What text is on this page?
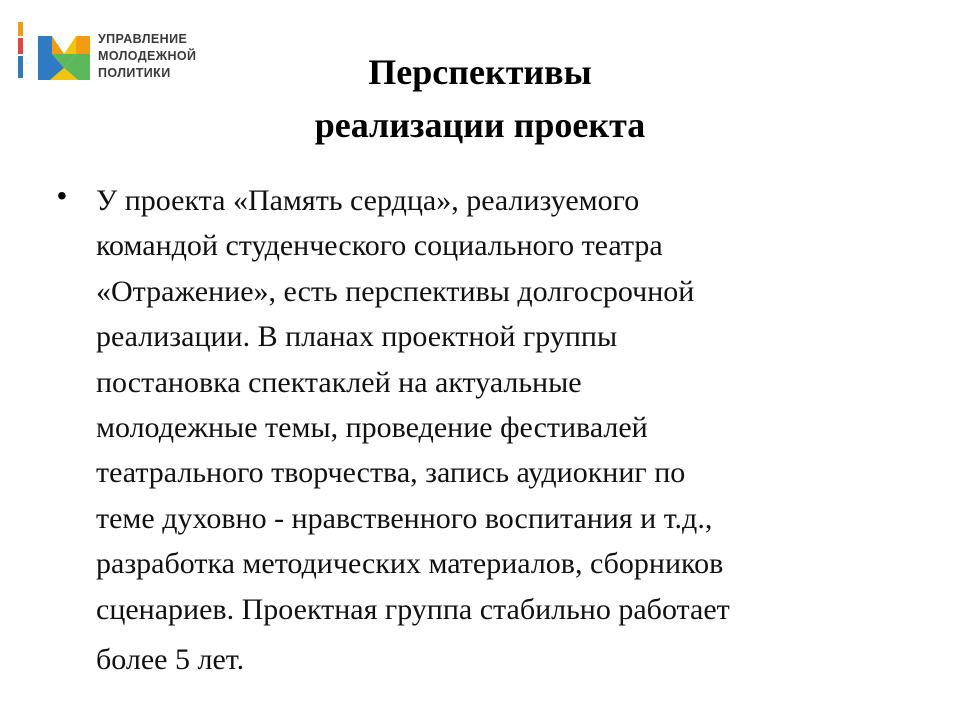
УПРАВЛЕНИЕ
МОЛОДЕЖНОЙ
ПОЛИТИКИ	Перспективы
реализации проекта
• У проекта «Память сердца», реализуемого
командой студенческого социального театра
«Отражение», есть перспективы долгосрочной
реализации. В планах проектной группы
постановка спектаклей на актуальные
молодежные темы, проведение фестивалей
театрального творчества, запись аудиокниг по
теме духовно - нравственного воспитания и т.д.,
разработка методических материалов, сборников
сценариев. Проектная группа стабильно работает
более 5 лет.
